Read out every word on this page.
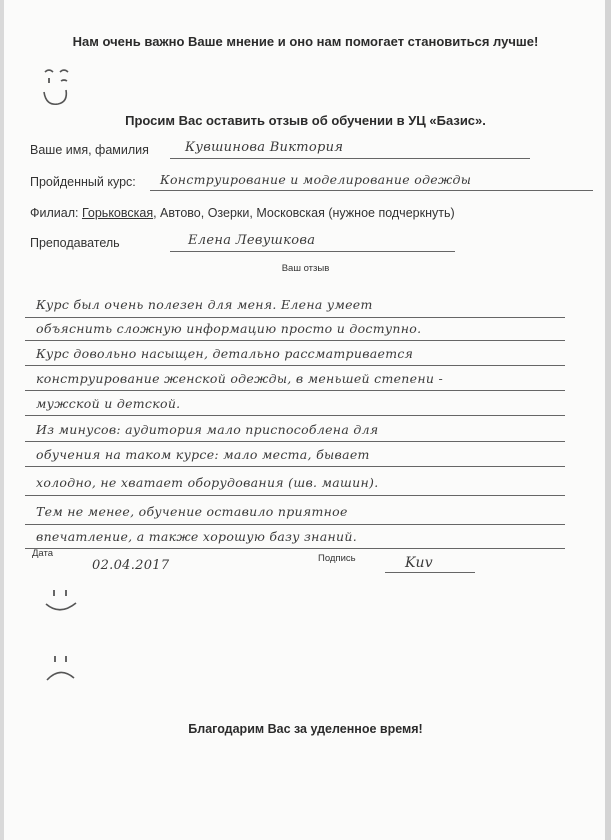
Нам очень важно Ваше мнение и оно нам помогает становиться лучше!
Просим Вас оставить отзыв об обучении в УЦ «Базис».
Ваше имя, фамилия	Кувшинова Виктория
Пройденный курс: Конструирование и моделирование одежды
Филиал: Горьковская, Автово, Озерки, Московская (нужное подчеркнуть)
Преподаватель	Елена Левушкова
Ваш отзыв
Курс был очень полезен для меня. Елена умеет
объяснить сложную информацию просто и доступно.
Курс довольно насыщен, детально рассматривается
конструирование женской одежды, в меньшей степени -
мужской и детской.
Из минусов: аудитория мало приспособлена для
обучения на таком курсе: мало места, бывает
холодно, не хватает оборудования (шв. машин).
Тем не менее, обучение оставило приятное
впечатление, а также хорошую базу знаний.
Дата
02.04.2017	Подпись	Kuv
Благодарим Вас за уделенное время!
